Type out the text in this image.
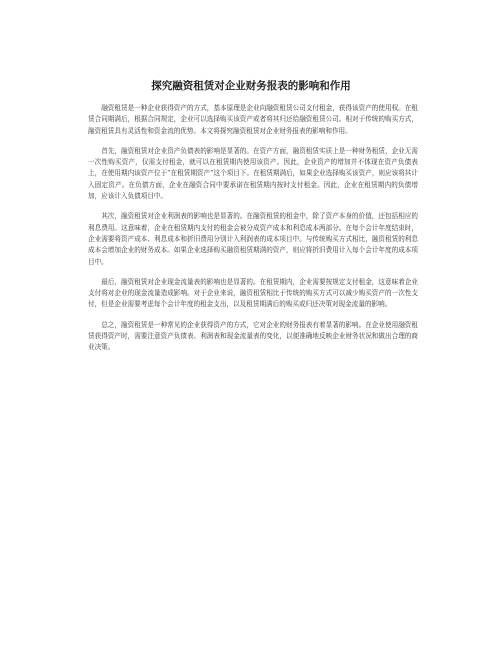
探究融资租赁对企业财务报表的影响和作用

融资租赁是一种企业获得资产的方式，基本原理是企业向融资租赁公司支付租金，获得该资产的使用权。在租赁合同期满后，根据合同规定，企业可以选择购买该资产或者将其归还给融资租赁公司。相对于传统的购买方式，融资租赁具有灵活性和资金流的优势。本文将探究融资租赁对企业财务报表的影响和作用。

首先，融资租赁对企业资产负债表的影响是显著的。在资产方面，融资租赁实质上是一种财务租赁，企业无需一次性购买资产，仅需支付租金，就可以在租赁期内使用该资产。因此，企业资产的增加并不体现在资产负债表上，在使用期内该资产位于“在租赁期资产”这个项目下。在租赁期满后，如果企业选择购买该资产，则应该将其计入固定资产。在负债方面，企业在融资合同中要承诺在租赁期内按时支付租金。因此，企业在租赁期内的负债增加，应该计入负债项目中。

其次，融资租赁对企业利润表的影响也是显著的。在融资租赁的租金中，除了资产本身的价值，还包括相应的利息费用。这意味着，企业在租赁期内支付的租金会被分成资产成本和利息成本两部分。在每个会计年度结束时，企业需要将资产成本、利息成本和折旧费用分别计入利润表的成本项目中。与传统购买方式相比，融资租赁的利息成本会增加企业的财务成本。如果企业选择购买融资租赁期满的资产，则应将折旧费用计入每个会计年度的成本项目中。

最后，融资租赁对企业现金流量表的影响也是显著的。在租赁期内，企业需要按规定支付租金，这意味着企业支付将对企业的现金流量造成影响。对于企业来说，融资租赁相比于传统的购买方式可以减少购买资产的一次性支付，但是企业需要考虑每个会计年度的租金支出，以及租赁期满后的购买或归还决策对现金流量的影响。

总之，融资租赁是一种常见的企业获得资产的方式，它对企业的财务报表有着显著的影响。在企业使用融资租赁获得资产时，需要注意资产负债表、利润表和现金流量表的变化，以便准确地反映企业财务状况和做出合理的商业决策。
